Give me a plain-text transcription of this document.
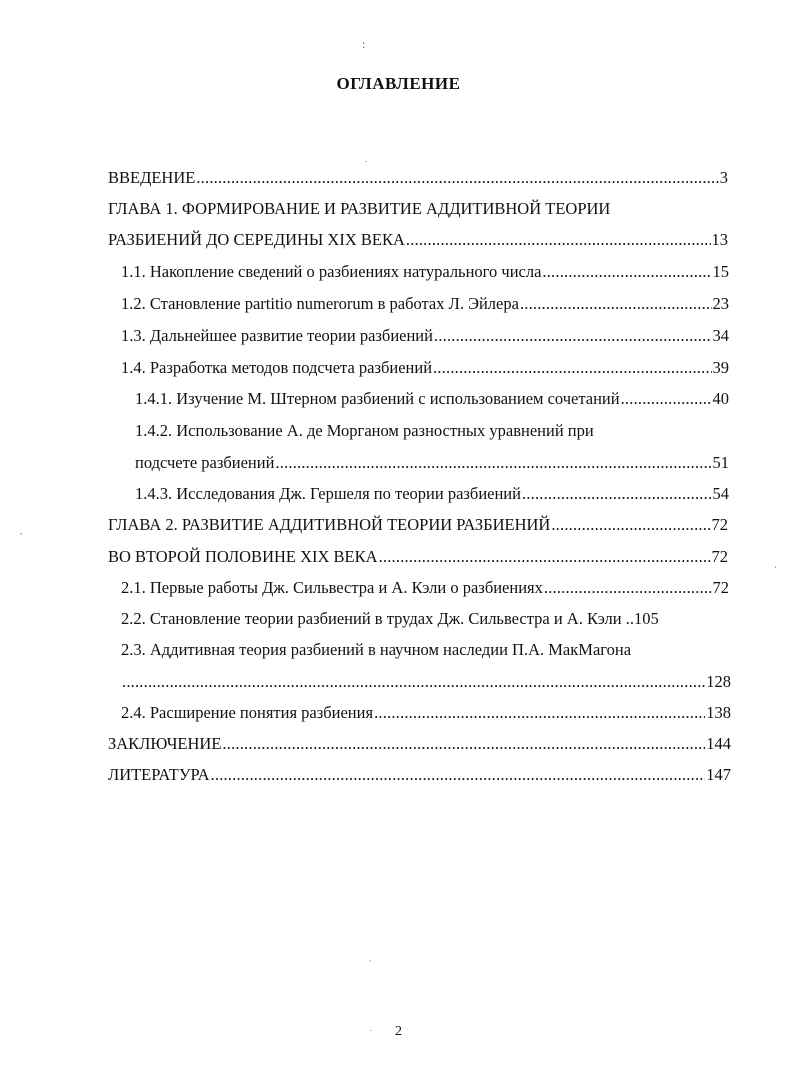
:
.
,
'
`
.
ОГЛАВЛЕНИЕ
ВВЕДЕНИЕ .....	3
ГЛАВА 1. ФОРМИРОВАНИЕ И РАЗВИТИЕ АДДИТИВНОЙ ТЕОРИИ
РАЗБИЕНИЙ ДО СЕРЕДИНЫ XIX ВЕКА .....	13
1.1. Накопление сведений о разбиениях натурального числа .....	15
1.2. Становление partitio numerorum в работах Л. Эйлера .....	23
1.3. Дальнейшее развитие теории разбиений .....	34
1.4. Разработка методов подсчета разбиений .....	39
1.4.1. Изучение М. Штерном разбиений с использованием сочетаний .....	40
1.4.2. Использование А. де Морганом разностных уравнений при
подсчете разбиений .....	51
1.4.3. Исследования Дж. Гершеля по теории разбиений .....	54
ГЛАВА 2. РАЗВИТИЕ АДДИТИВНОЙ ТЕОРИИ РАЗБИЕНИЙ .....	72
ВО ВТОРОЙ ПОЛОВИНЕ XIX ВЕКА .....	72
2.1. Первые работы Дж. Сильвестра и А. Кэли о разбиениях .....	72
2.2. Становление теории разбиений в трудах Дж. Сильвестра и А. Кэли ..105
2.3. Аддитивная теория разбиений в научном наследии П.А. МакМагона
.....
128
2.4. Расширение понятия разбиения .....	138
ЗАКЛЮЧЕНИЕ .....	144
ЛИТЕРАТУРА .....	147
2
